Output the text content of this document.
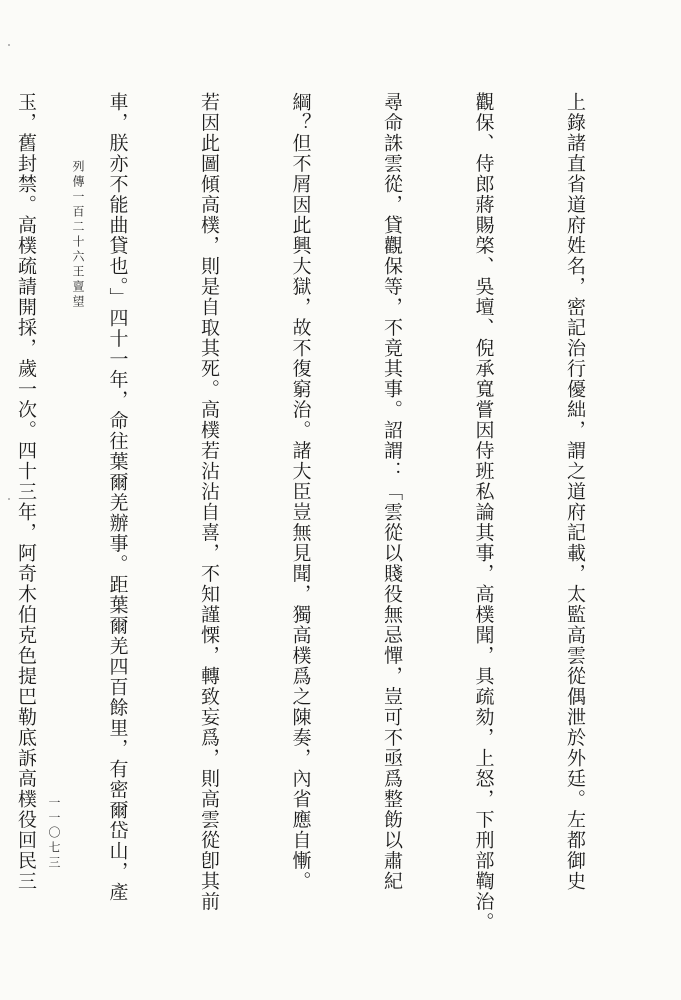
上錄諸直省道府姓名，密記治行優絀，謂之道府記載，太監高雲從偶泄於外廷。左都御史

觀保、侍郎蔣賜棨、吳壇、倪承寬嘗因侍班私論其事，高樸聞，具疏劾，上怒，下刑部鞫治。

尋命誅雲從，貸觀保等，不竟其事。詔謂：「雲從以賤役無忌憚，豈可不亟爲整飭以肅紀

綱？但不屑因此興大獄，故不復窮治。諸大臣豈無見聞，獨高樸爲之陳奏，內省應自慚。

若因此圖傾高樸，則是自取其死。高樸若沾沾自喜，不知謹慄，轉致妄爲，則高雲從卽其前

車，朕亦不能曲貸也。」四十一年，命往葉爾羌辦事。距葉爾羌四百餘里，有密爾岱山，產

玉，舊封禁。高樸疏請開採，歲一次。四十三年，阿奇木伯克色提巴勒底訴高樸役回民三

	列傳一百二十六王亶望
一一〇七三
